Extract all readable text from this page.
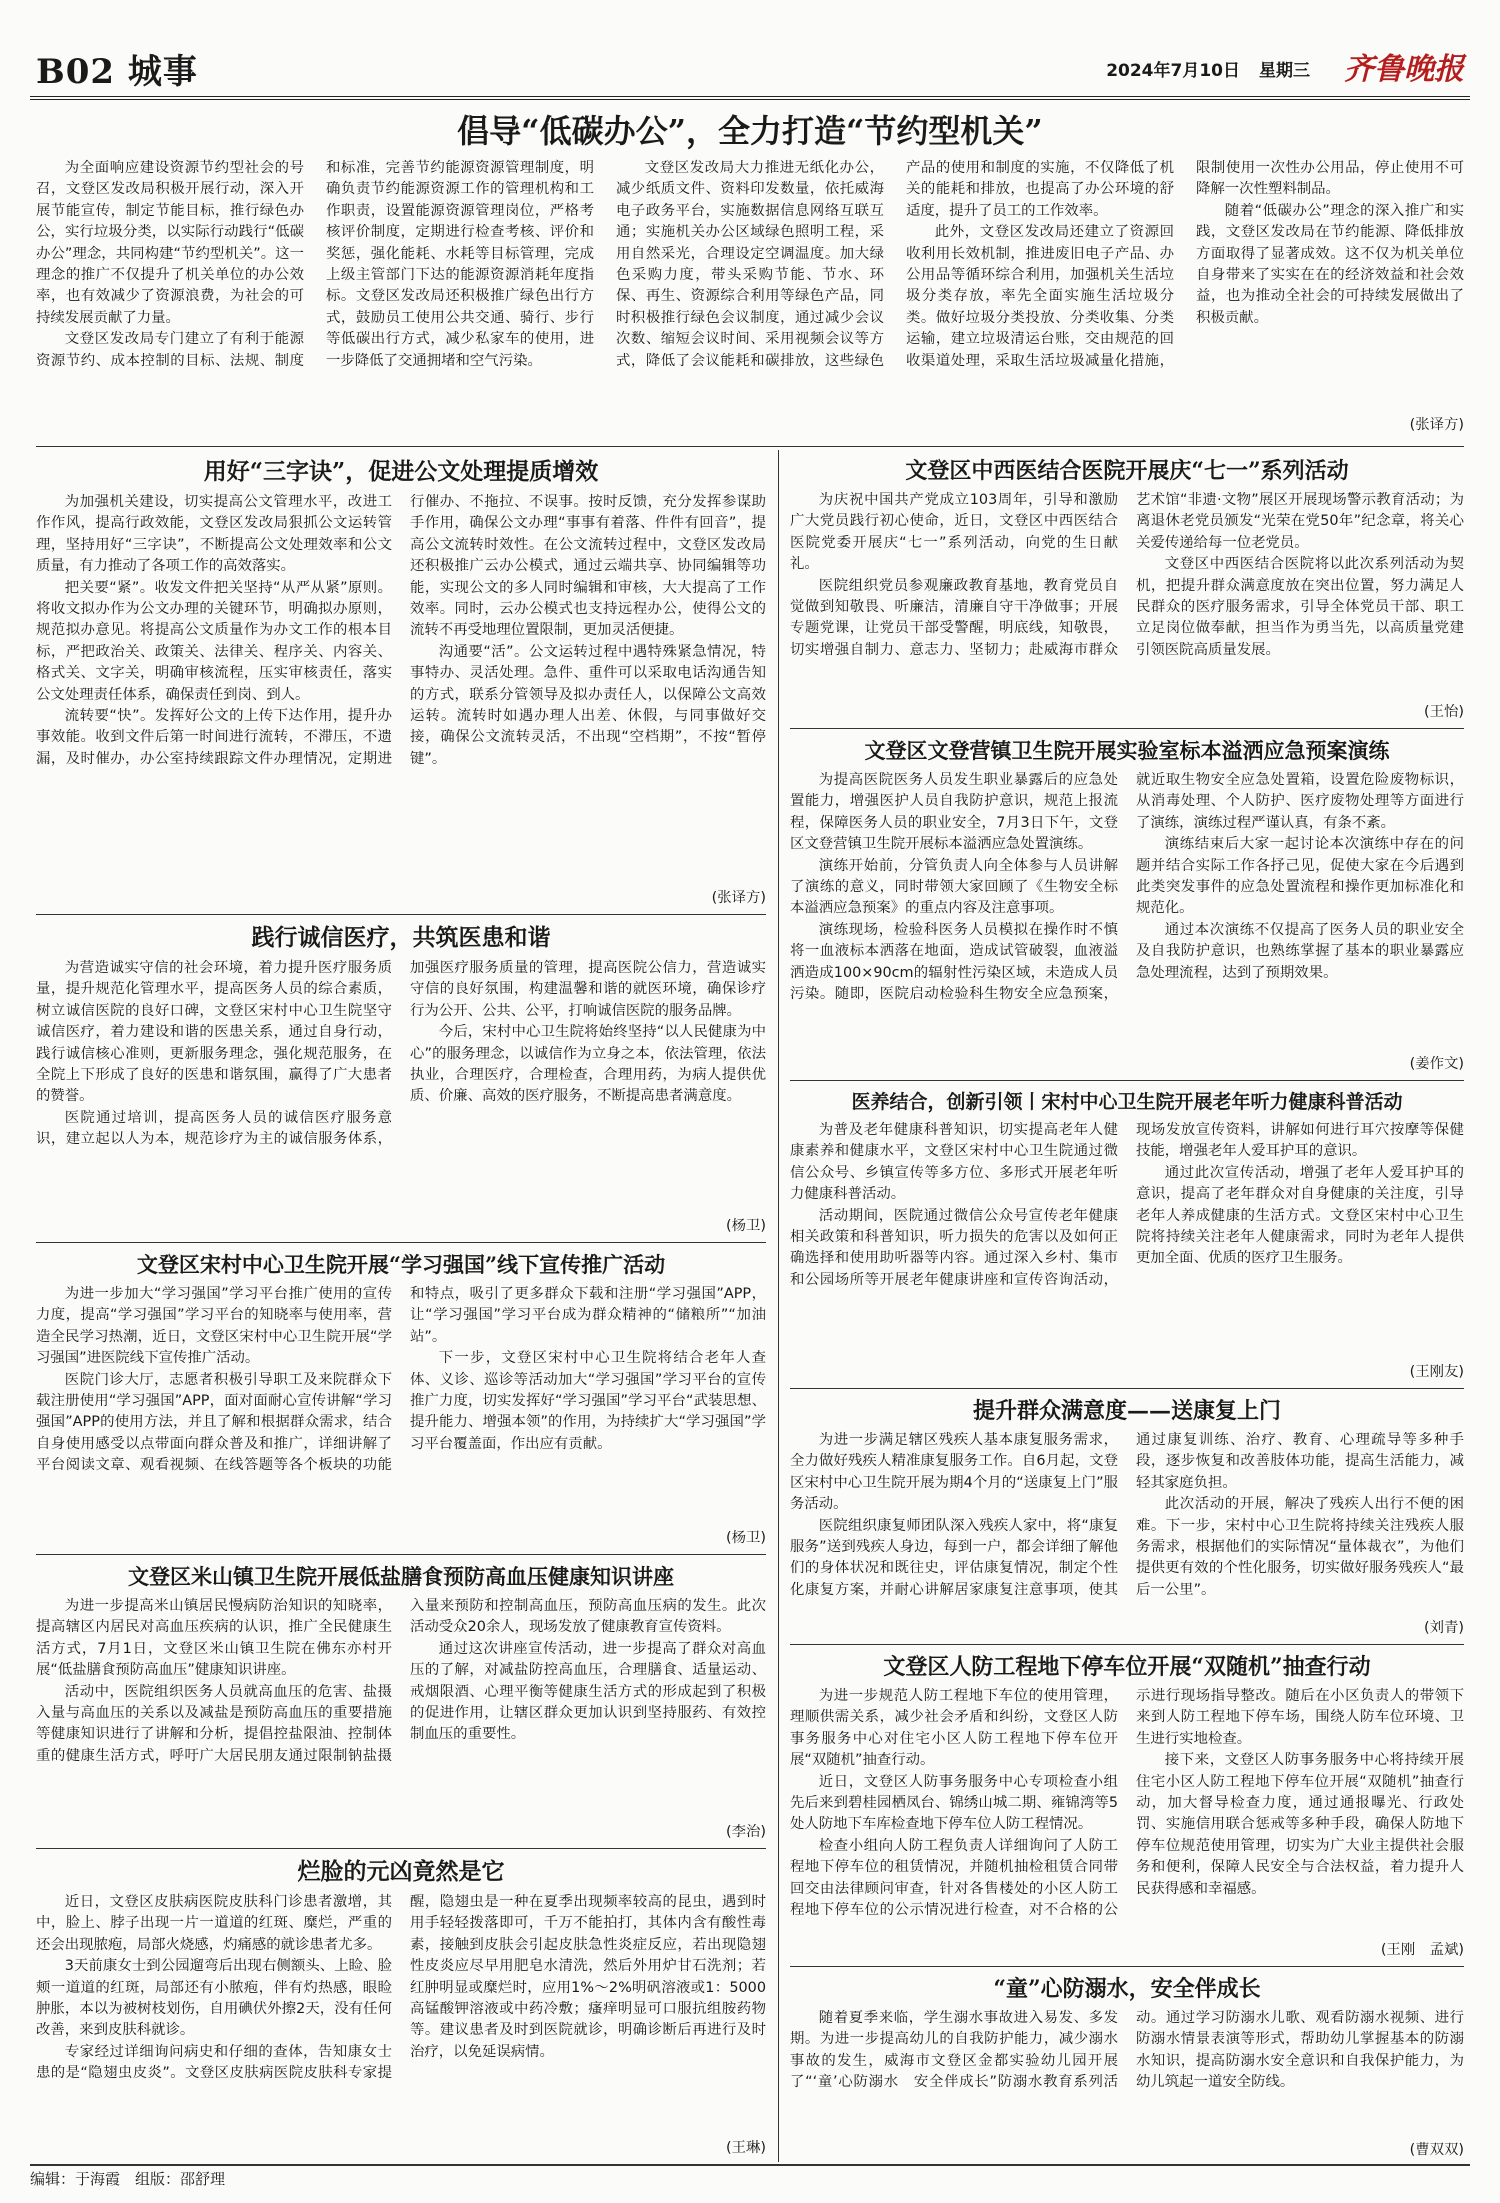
B02 城事	2024年7月10日 星期三 齐鲁晚报
倡导“低碳办公”，全力打造“节约型机关”

为全面响应建设资源节约型社会的号召，文登区发改局积极开展行动，深入开展节能宣传，制定节能目标，推行绿色办公，实行垃圾分类，以实际行动践行“低碳办公”理念，共同构建“节约型机关”。这一理念的推广不仅提升了机关单位的办公效率，也有效减少了资源浪费，为社会的可持续发展贡献了力量。

文登区发改局专门建立了有利于能源资源节约、成本控制的目标、法规、制度和标准，完善节约能源资源管理制度，明确负责节约能源资源工作的管理机构和工作职责，设置能源资源管理岗位，严格考核评价制度，定期进行检查考核、评价和奖惩，强化能耗、水耗等目标管理，完成上级主管部门下达的能源资源消耗年度指标。文登区发改局还积极推广绿色出行方式，鼓励员工使用公共交通、骑行、步行等低碳出行方式，减少私家车的使用，进一步降低了交通拥堵和空气污染。

文登区发改局大力推进无纸化办公，减少纸质文件、资料印发数量，依托威海电子政务平台，实施数据信息网络互联互通；实施机关办公区域绿色照明工程，采用自然采光，合理设定空调温度。加大绿色采购力度，带头采购节能、节水、环保、再生、资源综合利用等绿色产品，同时积极推行绿色会议制度，通过减少会议次数、缩短会议时间、采用视频会议等方式，降低了会议能耗和碳排放，这些绿色产品的使用和制度的实施，不仅降低了机关的能耗和排放，也提高了办公环境的舒适度，提升了员工的工作效率。

此外，文登区发改局还建立了资源回收利用长效机制，推进废旧电子产品、办公用品等循环综合利用，加强机关生活垃圾分类存放，率先全面实施生活垃圾分类。做好垃圾分类投放、分类收集、分类运输，建立垃圾清运台账，交由规范的回收渠道处理，采取生活垃圾减量化措施，限制使用一次性办公用品，停止使用不可降解一次性塑料制品。

随着“低碳办公”理念的深入推广和实践，文登区发改局在节约能源、降低排放方面取得了显著成效。这不仅为机关单位自身带来了实实在在的经济效益和社会效益，也为推动全社会的可持续发展做出了积极贡献。

(张译方)
用好“三字诀”，促进公文处理提质增效

为加强机关建设，切实提高公文管理水平，改进工作作风，提高行政效能，文登区发改局狠抓公文运转管理，坚持用好“三字诀”，不断提高公文处理效率和公文质量，有力推动了各项工作的高效落实。

把关要“紧”。收发文件把关坚持“从严从紧”原则。将收文拟办作为公文办理的关键环节，明确拟办原则，规范拟办意见。将提高公文质量作为办文工作的根本目标，严把政治关、政策关、法律关、程序关、内容关、格式关、文字关，明确审核流程，压实审核责任，落实公文处理责任体系，确保责任到岗、到人。

流转要“快”。发挥好公文的上传下达作用，提升办事效能。收到文件后第一时间进行流转，不滞压，不遗漏，及时催办，办公室持续跟踪文件办理情况，定期进行催办、不拖拉、不误事。按时反馈，充分发挥参谋助手作用，确保公文办理“事事有着落、件件有回音”，提高公文流转时效性。在公文流转过程中，文登区发改局还积极推广云办公模式，通过云端共享、协同编辑等功能，实现公文的多人同时编辑和审核，大大提高了工作效率。同时，云办公模式也支持远程办公，使得公文的流转不再受地理位置限制，更加灵活便捷。

沟通要“活”。公文运转过程中遇特殊紧急情况，特事特办、灵活处理。急件、重件可以采取电话沟通告知的方式，联系分管领导及拟办责任人，以保障公文高效运转。流转时如遇办理人出差、休假，与同事做好交接，确保公文流转灵活，不出现“空档期”，不按“暂停键”。

(张译方)
践行诚信医疗，共筑医患和谐

为营造诚实守信的社会环境，着力提升医疗服务质量，提升规范化管理水平，提高医务人员的综合素质，树立诚信医院的良好口碑，文登区宋村中心卫生院坚守诚信医疗，着力建设和谐的医患关系，通过自身行动，践行诚信核心准则，更新服务理念，强化规范服务，在全院上下形成了良好的医患和谐氛围，赢得了广大患者的赞誉。

医院通过培训，提高医务人员的诚信医疗服务意识，建立起以人为本，规范诊疗为主的诚信服务体系，加强医疗服务质量的管理，提高医院公信力，营造诚实守信的良好氛围，构建温馨和谐的就医环境，确保诊疗行为公开、公共、公平，打响诚信医院的服务品牌。

今后，宋村中心卫生院将始终坚持“以人民健康为中心”的服务理念，以诚信作为立身之本，依法管理，依法执业，合理医疗，合理检查，合理用药，为病人提供优质、价廉、高效的医疗服务，不断提高患者满意度。

(杨卫)
文登区宋村中心卫生院开展“学习强国”线下宣传推广活动

为进一步加大“学习强国”学习平台推广使用的宣传力度，提高“学习强国”学习平台的知晓率与使用率，营造全民学习热潮，近日，文登区宋村中心卫生院开展“学习强国”进医院线下宣传推广活动。

医院门诊大厅，志愿者积极引导职工及来院群众下载注册使用“学习强国”APP，面对面耐心宣传讲解“学习强国”APP的使用方法，并且了解和根据群众需求，结合自身使用感受以点带面向群众普及和推广，详细讲解了平台阅读文章、观看视频、在线答题等各个板块的功能和特点，吸引了更多群众下载和注册“学习强国”APP，让“学习强国”学习平台成为群众精神的“储粮所”“加油站”。

下一步，文登区宋村中心卫生院将结合老年人查体、义诊、巡诊等活动加大“学习强国”学习平台的宣传推广力度，切实发挥好“学习强国”学习平台“武装思想、提升能力、增强本领”的作用，为持续扩大“学习强国”学习平台覆盖面，作出应有贡献。

(杨卫)
文登区米山镇卫生院开展低盐膳食预防高血压健康知识讲座

为进一步提高米山镇居民慢病防治知识的知晓率，提高辖区内居民对高血压疾病的认识，推广全民健康生活方式，7月1日，文登区米山镇卫生院在佛东亦村开展“低盐膳食预防高血压”健康知识讲座。

活动中，医院组织医务人员就高血压的危害、盐摄入量与高血压的关系以及减盐是预防高血压的重要措施等健康知识进行了讲解和分析，提倡控盐限油、控制体重的健康生活方式，呼吁广大居民朋友通过限制钠盐摄入量来预防和控制高血压，预防高血压病的发生。此次活动受众20余人，现场发放了健康教育宣传资料。

通过这次讲座宣传活动，进一步提高了群众对高血压的了解，对减盐防控高血压，合理膳食、适量运动、戒烟限酒、心理平衡等健康生活方式的形成起到了积极的促进作用，让辖区群众更加认识到坚持服药、有效控制血压的重要性。

(李治)
烂脸的元凶竟然是它

近日，文登区皮肤病医院皮肤科门诊患者激增，其中，脸上、脖子出现一片一道道的红斑、糜烂，严重的还会出现脓疱，局部火烧感，灼痛感的就诊患者尤多。

3天前康女士到公园遛弯后出现右侧额头、上睑、脸颊一道道的红斑，局部还有小脓疱，伴有灼热感，眼睑肿胀，本以为被树枝划伤，自用碘伏外擦2天，没有任何改善，来到皮肤科就诊。

专家经过详细询问病史和仔细的查体，告知康女士患的是“隐翅虫皮炎”。文登区皮肤病医院皮肤科专家提醒，隐翅虫是一种在夏季出现频率较高的昆虫，遇到时用手轻轻拨落即可，千万不能拍打，其体内含有酸性毒素，接触到皮肤会引起皮肤急性炎症反应，若出现隐翅性皮炎应尽早用肥皂水清洗，然后外用炉甘石洗剂；若红肿明显或糜烂时，应用1%～2%明矾溶液或1：5000高锰酸钾溶液或中药冷敷；瘙痒明显可口服抗组胺药物等。建议患者及时到医院就诊，明确诊断后再进行及时治疗，以免延误病情。

(王琳)
文登区中西医结合医院开展庆“七一”系列活动

为庆祝中国共产党成立103周年，引导和激励广大党员践行初心使命，近日，文登区中西医结合医院党委开展庆“七一”系列活动，向党的生日献礼。

医院组织党员参观廉政教育基地，教育党员自觉做到知敬畏、听廉洁，清廉自守干净做事；开展专题党课，让党员干部受警醒，明底线，知敬畏，切实增强自制力、意志力、坚韧力；赴威海市群众艺术馆“非遗·文物”展区开展现场警示教育活动；为离退休老党员颁发“光荣在党50年”纪念章，将关心关爱传递给每一位老党员。

文登区中西医结合医院将以此次系列活动为契机，把提升群众满意度放在突出位置，努力满足人民群众的医疗服务需求，引导全体党员干部、职工立足岗位做奉献，担当作为勇当先，以高质量党建引领医院高质量发展。

(王怡)
文登区文登营镇卫生院开展实验室标本溢洒应急预案演练

为提高医院医务人员发生职业暴露后的应急处置能力，增强医护人员自我防护意识，规范上报流程，保障医务人员的职业安全，7月3日下午，文登区文登营镇卫生院开展标本溢洒应急处置演练。

演练开始前，分管负责人向全体参与人员讲解了演练的意义，同时带领大家回顾了《生物安全标本溢洒应急预案》的重点内容及注意事项。

演练现场，检验科医务人员模拟在操作时不慎将一血液标本洒落在地面，造成试管破裂，血液溢洒造成100×90cm的辐射性污染区域，未造成人员污染。随即，医院启动检验科生物安全应急预案，就近取生物安全应急处置箱，设置危险废物标识，从消毒处理、个人防护、医疗废物处理等方面进行了演练，演练过程严谨认真，有条不紊。

演练结束后大家一起讨论本次演练中存在的问题并结合实际工作各抒己见，促使大家在今后遇到此类突发事件的应急处置流程和操作更加标准化和规范化。

通过本次演练不仅提高了医务人员的职业安全及自我防护意识，也熟练掌握了基本的职业暴露应急处理流程，达到了预期效果。

(姜作文)
医养结合，创新引领丨宋村中心卫生院开展老年听力健康科普活动

为普及老年健康科普知识，切实提高老年人健康素养和健康水平，文登区宋村中心卫生院通过微信公众号、乡镇宣传等多方位、多形式开展老年听力健康科普活动。

活动期间，医院通过微信公众号宣传老年健康相关政策和科普知识，听力损失的危害以及如何正确选择和使用助听器等内容。通过深入乡村、集市和公园场所等开展老年健康讲座和宣传咨询活动，现场发放宣传资料，讲解如何进行耳穴按摩等保健技能，增强老年人爱耳护耳的意识。

通过此次宣传活动，增强了老年人爱耳护耳的意识，提高了老年群众对自身健康的关注度，引导老年人养成健康的生活方式。文登区宋村中心卫生院将持续关注老年人健康需求，同时为老年人提供更加全面、优质的医疗卫生服务。

(王刚友)
提升群众满意度——送康复上门

为进一步满足辖区残疾人基本康复服务需求，全力做好残疾人精准康复服务工作。自6月起，文登区宋村中心卫生院开展为期4个月的“送康复上门”服务活动。

医院组织康复师团队深入残疾人家中，将“康复服务”送到残疾人身边，每到一户，都会详细了解他们的身体状况和既往史，评估康复情况，制定个性化康复方案，并耐心讲解居家康复注意事项，使其通过康复训练、治疗、教育、心理疏导等多种手段，逐步恢复和改善肢体功能，提高生活能力，减轻其家庭负担。

此次活动的开展，解决了残疾人出行不便的困难。下一步，宋村中心卫生院将持续关注残疾人服务需求，根据他们的实际情况“量体裁衣”，为他们提供更有效的个性化服务，切实做好服务残疾人“最后一公里”。

(刘青)
文登区人防工程地下停车位开展“双随机”抽查行动

为进一步规范人防工程地下车位的使用管理，理顺供需关系，减少社会矛盾和纠纷，文登区人防事务服务中心对住宅小区人防工程地下停车位开展“双随机”抽查行动。

近日，文登区人防事务服务中心专项检查小组先后来到碧桂园栖凤台、锦绣山城二期、雍锦湾等5处人防地下车库检查地下停车位人防工程情况。

检查小组向人防工程负责人详细询问了人防工程地下停车位的租赁情况，并随机抽检租赁合同带回交由法律顾问审查，针对各售楼处的小区人防工程地下停车位的公示情况进行检查，对不合格的公示进行现场指导整改。随后在小区负责人的带领下来到人防工程地下停车场，围绕人防车位环境、卫生进行实地检查。

接下来，文登区人防事务服务中心将持续开展住宅小区人防工程地下停车位开展“双随机”抽查行动，加大督导检查力度，通过通报曝光、行政处罚、实施信用联合惩戒等多种手段，确保人防地下停车位规范使用管理，切实为广大业主提供社会服务和便利，保障人民安全与合法权益，着力提升人民获得感和幸福感。

(王刚　孟斌)
“童”心防溺水，安全伴成长

随着夏季来临，学生溺水事故进入易发、多发期。为进一步提高幼儿的自我防护能力，减少溺水事故的发生，威海市文登区金都实验幼儿园开展了“‘童’心防溺水　安全伴成长”防溺水教育系列活动。通过学习防溺水儿歌、观看防溺水视频、进行防溺水情景表演等形式，帮助幼儿掌握基本的防溺水知识，提高防溺水安全意识和自我保护能力，为幼儿筑起一道安全防线。

(曹双双)
编辑：于海霞　组版：邵舒理
